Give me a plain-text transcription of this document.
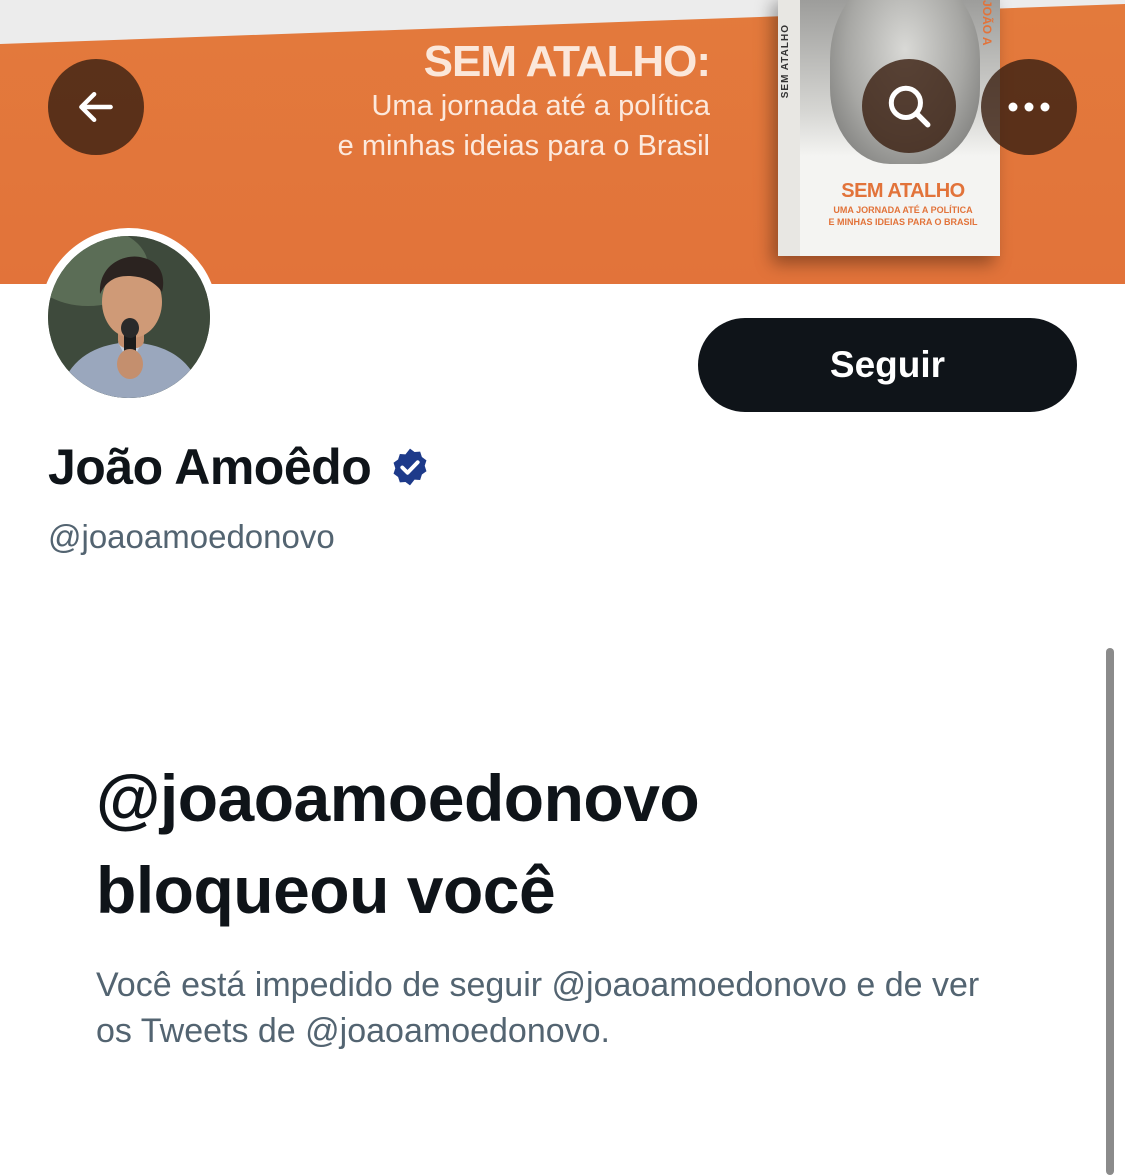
SEM ATALHO:
Uma jornada até a política
e minhas ideias para o Brasil
SEM ATALHO
JOÃO A
SEM ATALHO
UMA JORNADA ATÉ A POLÍTICA
E MINHAS IDEIAS PARA O BRASIL
Seguir
João Amoêdo
@joaoamoedonovo
@joaoamoedonovo
bloqueou você
Você está impedido de seguir @joaoamoedonovo e de ver os Tweets de @joaoamoedonovo.
